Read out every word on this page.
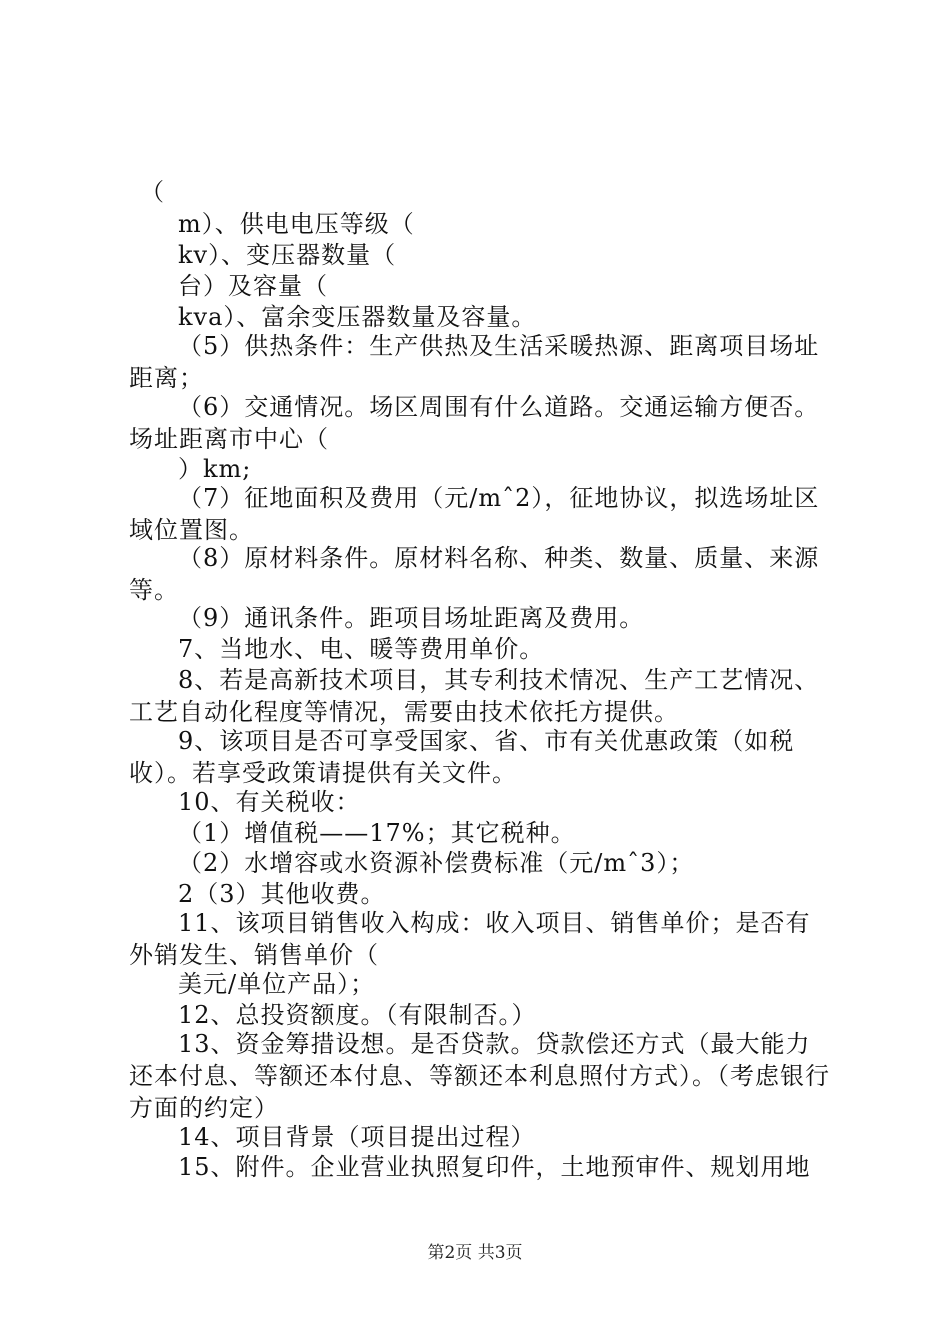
（
m）、供电电压等级（
kv）、变压器数量（
台）及容量（
kva）、富余变压器数量及容量。
（5）供热条件：生产供热及生活采暖热源、距离项目场址距离；
（6）交通情况。场区周围有什么道路。交通运输方便否。场址距离市中心（
）km;
（7）征地面积及费用（元/mˆ2），征地协议，拟选场址区域位置图。
（8）原材料条件。原材料名称、种类、数量、质量、来源等。
（9）通讯条件。距项目场址距离及费用。
7、当地水、电、暖等费用单价。
8、若是高新技术项目，其专利技术情况、生产工艺情况、工艺自动化程度等情况，需要由技术依托方提供。
9、该项目是否可享受国家、省、市有关优惠政策（如税收）。若享受政策请提供有关文件。
10、有关税收：
（1）增值税——17%；其它税种。
（2）水增容或水资源补偿费标准（元/mˆ3）；
2（3）其他收费。
11、该项目销售收入构成：收入项目、销售单价；是否有外销发生、销售单价（
美元/单位产品）；
12、总投资额度。（有限制否。）
13、资金筹措设想。是否贷款。贷款偿还方式（最大能力还本付息、等额还本付息、等额还本利息照付方式）。（考虑银行方面的约定）
14、项目背景（项目提出过程）
15、附件。企业营业执照复印件，土地预审件、规划用地
第2页 共3页
